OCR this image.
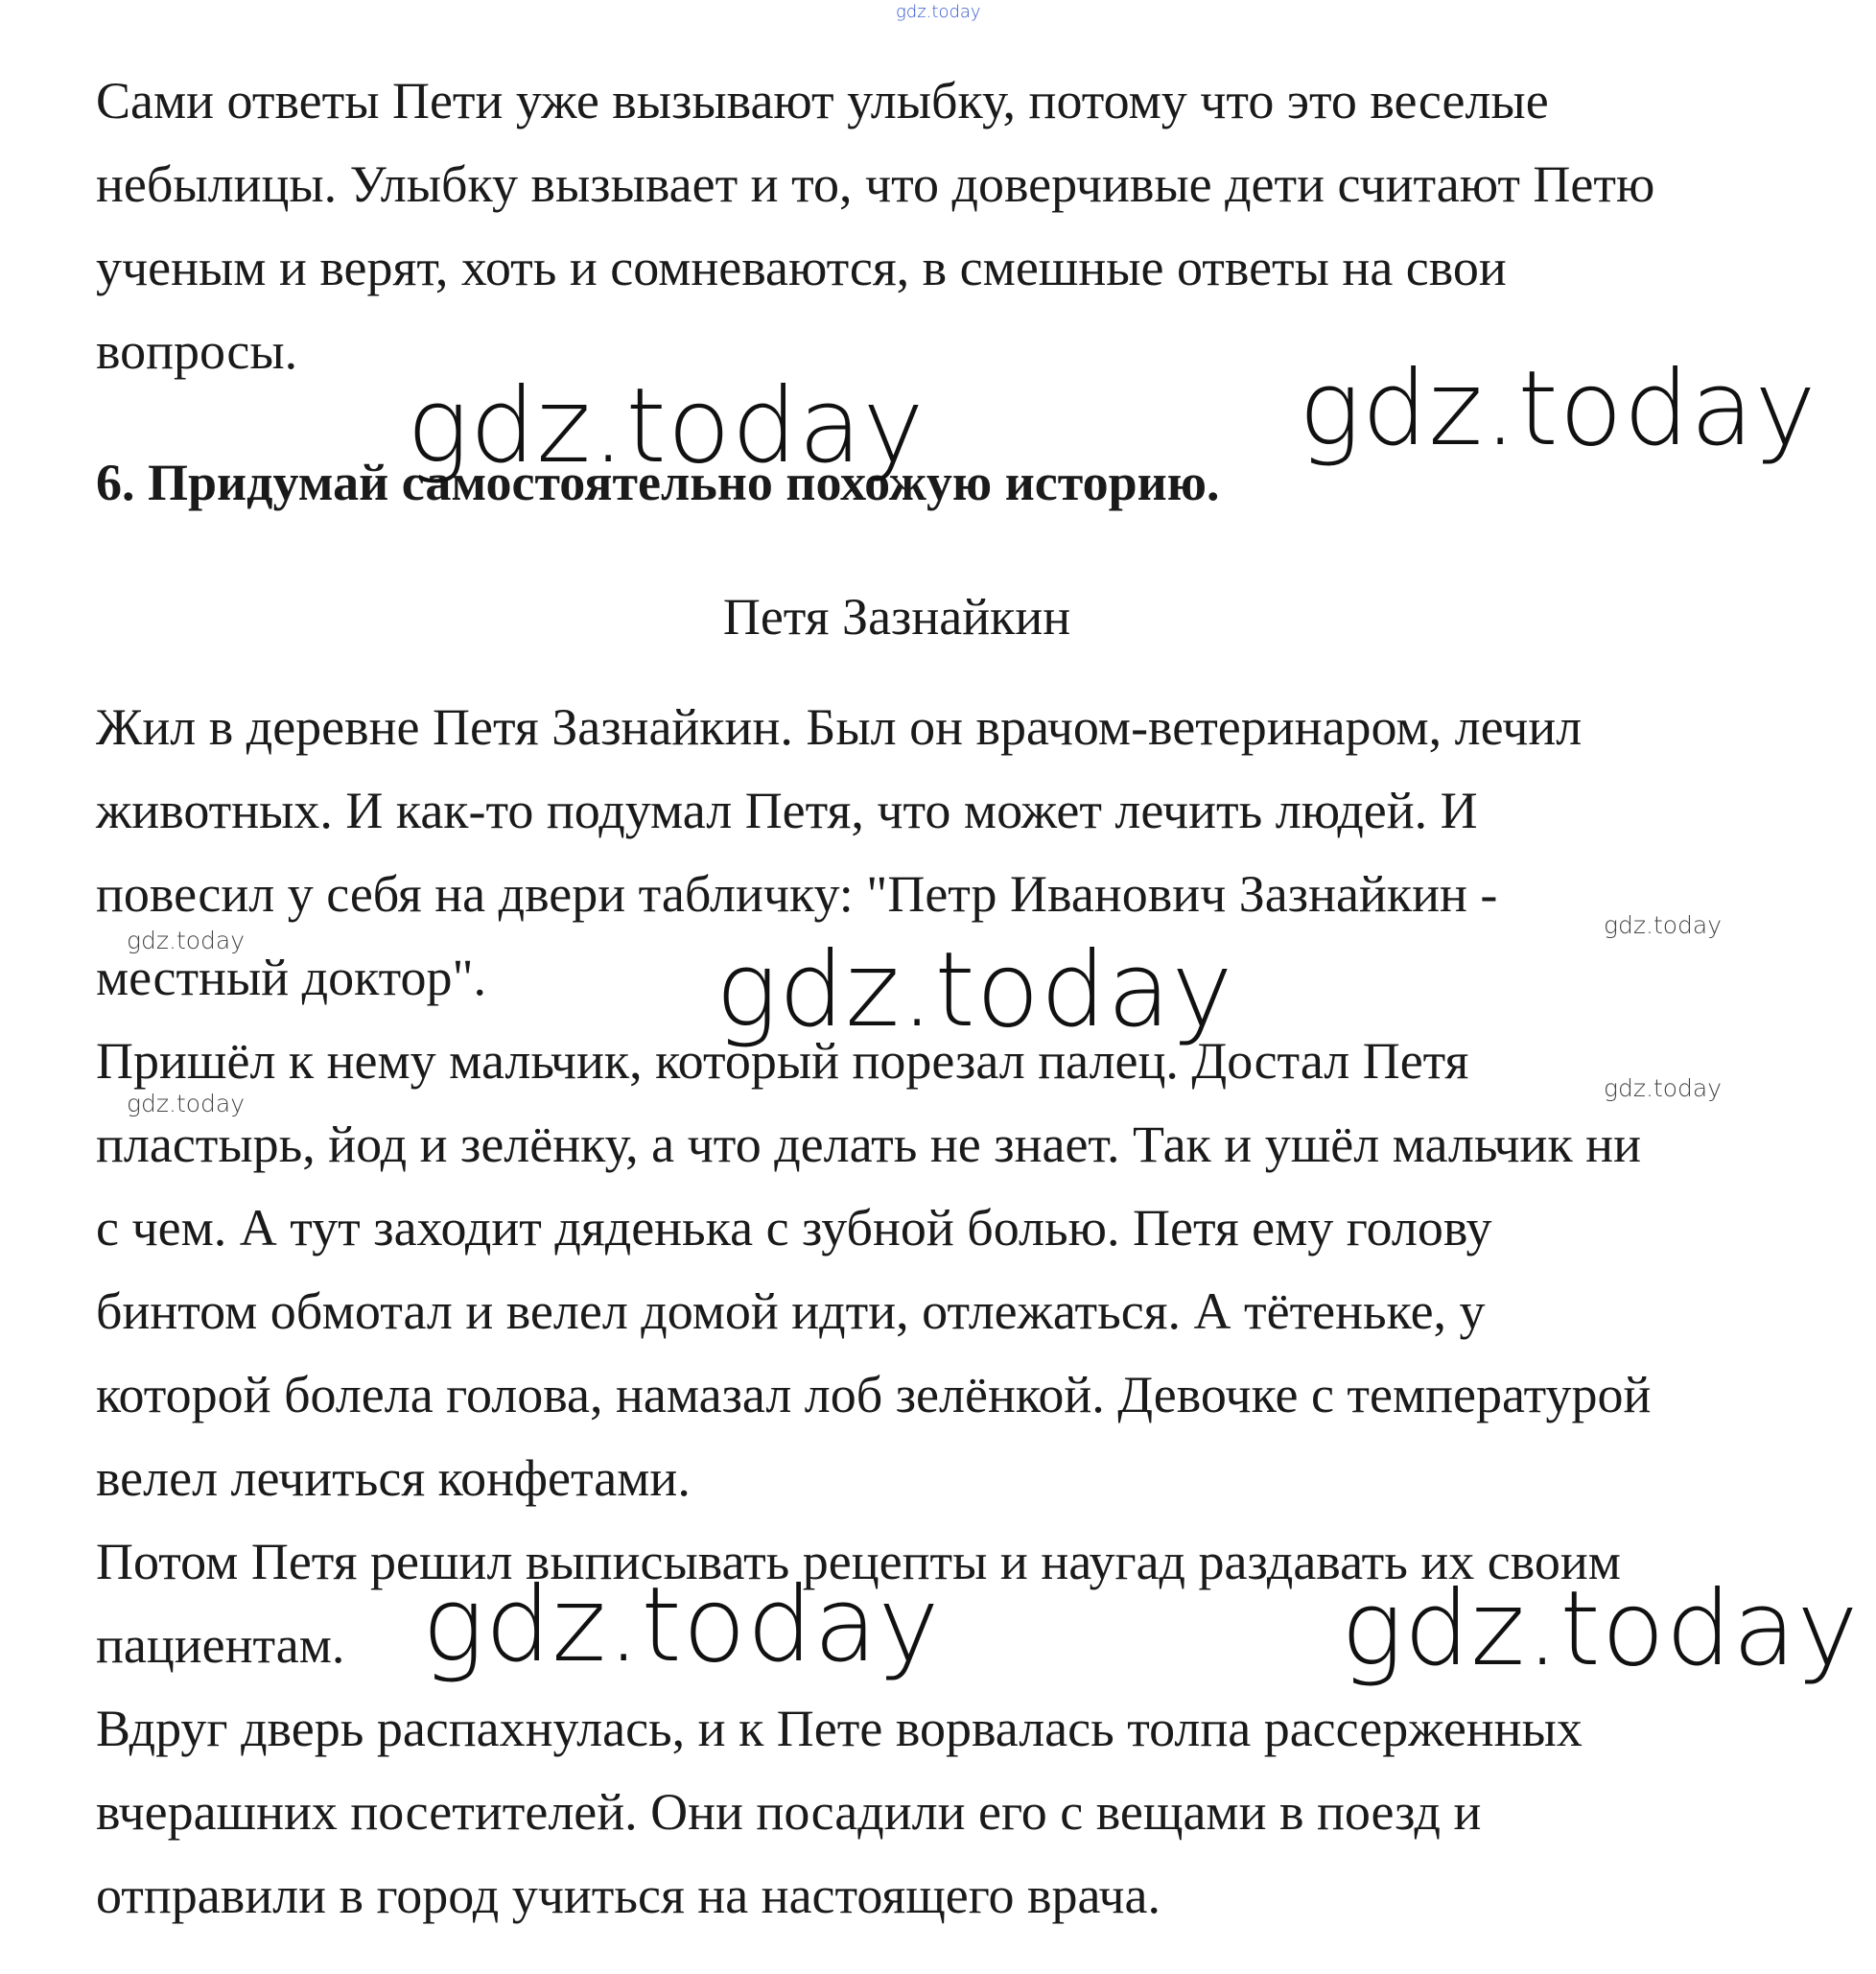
gdz.today
Сами ответы Пети уже вызывают улыбку, потому что это веселые
небылицы. Улыбку вызывает и то, что доверчивые дети считают Петю
ученым и верят, хоть и сомневаются, в смешные ответы на свои
вопросы.

6. Придумай самостоятельно похожую историю.

Петя Зазнайкин

Жил в деревне Петя Зазнайкин. Был он врачом-ветеринаром, лечил
животных. И как-то подумал Петя, что может лечить людей. И
повесил у себя на двери табличку: "Петр Иванович Зазнайкин -
местный доктор".
Пришёл к нему мальчик, который порезал палец. Достал Петя
пластырь, йод и зелёнку, а что делать не знает. Так и ушёл мальчик ни
с чем. А тут заходит дяденька с зубной болью. Петя ему голову
бинтом обмотал и велел домой идти, отлежаться. А тётеньке, у
которой болела голова, намазал лоб зелёнкой. Девочке с температурой
велел лечиться конфетами.
Потом Петя решил выписывать рецепты и наугад раздавать их своим
пациентам.
Вдруг дверь распахнулась, и к Пете ворвалась толпа рассерженных
вчерашних посетителей. Они посадили его с вещами в поезд и
отправили в город учиться на настоящего врача.
gdz.today	gdz.today
gdz.today
gdz.today	gdz.today
gdz.today
gdz.today
gdz.today
gdz.today
